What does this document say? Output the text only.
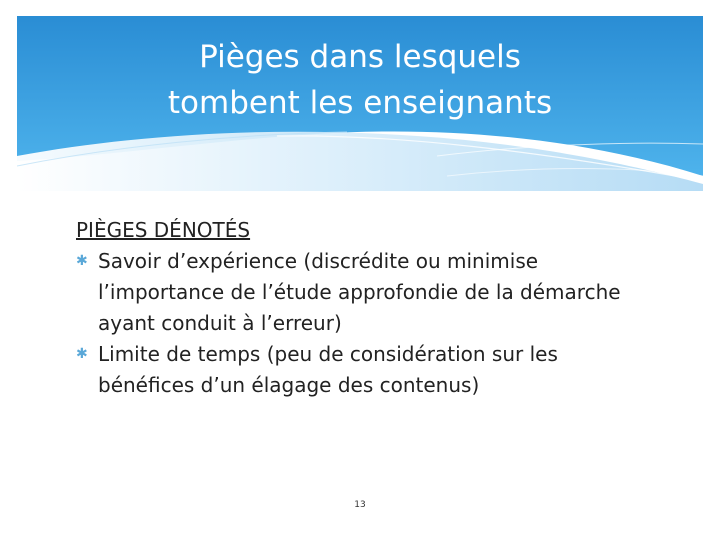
Pièges dans lesquels
tombent les enseignants

PIÈGES DÉNOTÉS

✱ Savoir d’expérience (discrédite ou minimise l’importance de l’étude approfondie de la démarche ayant conduit à l’erreur)
✱ Limite de temps (peu de considération sur les bénéfices d’un élagage des contenus)
13
